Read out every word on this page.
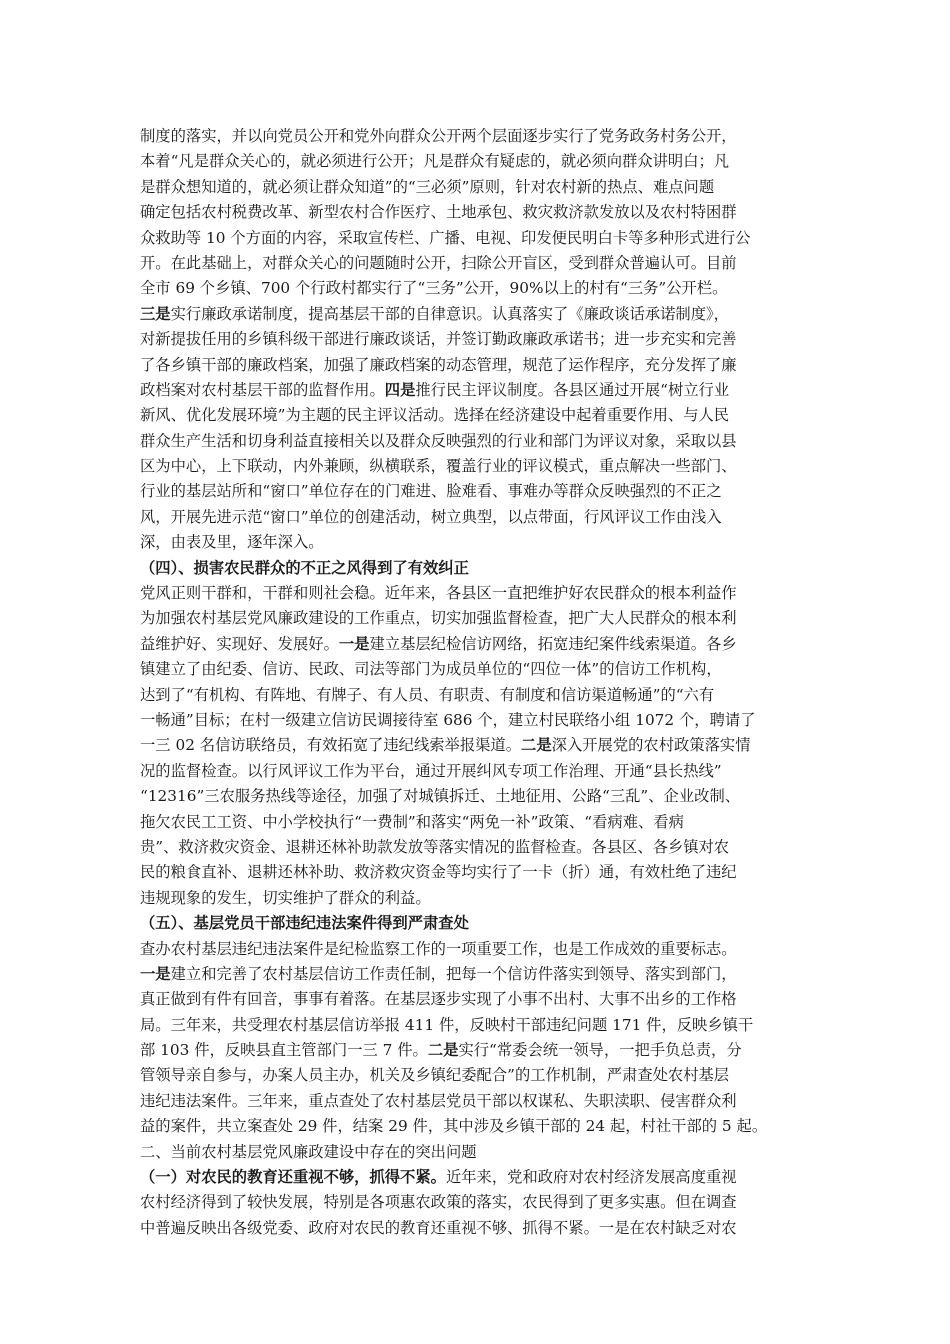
制度的落实，并以向党员公开和党外向群众公开两个层面逐步实行了党务政务村务公开，
本着“凡是群众关心的，就必须进行公开；凡是群众有疑虑的，就必须向群众讲明白；凡
是群众想知道的，就必须让群众知道”的“三必须”原则，针对农村新的热点、难点问题
确定包括农村税费改革、新型农村合作医疗、土地承包、救灾救济款发放以及农村特困群
众救助等 10 个方面的内容，采取宣传栏、广播、电视、印发便民明白卡等多种形式进行公
开。在此基础上，对群众关心的问题随时公开，扫除公开盲区，受到群众普遍认可。目前
全市 69 个乡镇、700 个行政村都实行了“三务”公开，90%以上的村有“三务”公开栏。
三是实行廉政承诺制度，提高基层干部的自律意识。认真落实了《廉政谈话承诺制度》，
对新提拔任用的乡镇科级干部进行廉政谈话，并签订勤政廉政承诺书；进一步充实和完善
了各乡镇干部的廉政档案，加强了廉政档案的动态管理，规范了运作程序，充分发挥了廉
政档案对农村基层干部的监督作用。四是推行民主评议制度。各县区通过开展“树立行业
新风、优化发展环境”为主题的民主评议活动。选择在经济建设中起着重要作用、与人民
群众生产生活和切身利益直接相关以及群众反映强烈的行业和部门为评议对象，采取以县
区为中心，上下联动，内外兼顾，纵横联系，覆盖行业的评议模式，重点解决一些部门、
行业的基层站所和“窗口”单位存在的门难进、脸难看、事难办等群众反映强烈的不正之
风，开展先进示范“窗口”单位的创建活动，树立典型，以点带面，行风评议工作由浅入
深，由表及里，逐年深入。
（四）、损害农民群众的不正之风得到了有效纠正
党风正则干群和，干群和则社会稳。近年来，各县区一直把维护好农民群众的根本利益作
为加强农村基层党风廉政建设的工作重点，切实加强监督检查，把广大人民群众的根本利
益维护好、实现好、发展好。一是建立基层纪检信访网络，拓宽违纪案件线索渠道。各乡
镇建立了由纪委、信访、民政、司法等部门为成员单位的“四位一体”的信访工作机构，
达到了“有机构、有阵地、有牌子、有人员、有职责、有制度和信访渠道畅通”的“六有
一畅通”目标；在村一级建立信访民调接待室 686 个，建立村民联络小组 1072 个，聘请了
一三 02 名信访联络员，有效拓宽了违纪线索举报渠道。二是深入开展党的农村政策落实情
况的监督检查。以行风评议工作为平台，通过开展纠风专项工作治理、开通“县长热线”
“12316”三农服务热线等途径，加强了对城镇拆迁、土地征用、公路“三乱”、企业改制、
拖欠农民工工资、中小学校执行“一费制”和落实“两免一补”政策、“看病难、看病
贵”、救济救灾资金、退耕还林补助款发放等落实情况的监督检查。各县区、各乡镇对农
民的粮食直补、退耕还林补助、救济救灾资金等均实行了一卡（折）通，有效杜绝了违纪
违规现象的发生，切实维护了群众的利益。
（五）、基层党员干部违纪违法案件得到严肃查处
查办农村基层违纪违法案件是纪检监察工作的一项重要工作，也是工作成效的重要标志。
一是建立和完善了农村基层信访工作责任制，把每一个信访件落实到领导、落实到部门，
真正做到有件有回音，事事有着落。在基层逐步实现了小事不出村、大事不出乡的工作格
局。三年来，共受理农村基层信访举报 411 件，反映村干部违纪问题 171 件，反映乡镇干
部 103 件，反映县直主管部门一三 7 件。二是实行“常委会统一领导，一把手负总责，分
管领导亲自参与，办案人员主办，机关及乡镇纪委配合”的工作机制，严肃查处农村基层
违纪违法案件。三年来，重点查处了农村基层党员干部以权谋私、失职渎职、侵害群众利
益的案件，共立案查处 29 件，结案 29 件，其中涉及乡镇干部的 24 起，村社干部的 5 起。
二、当前农村基层党风廉政建设中存在的突出问题
（一）对农民的教育还重视不够，抓得不紧。近年来，党和政府对农村经济发展高度重视
农村经济得到了较快发展，特别是各项惠农政策的落实，农民得到了更多实惠。但在调查
中普遍反映出各级党委、政府对农民的教育还重视不够、抓得不紧。一是在农村缺乏对农
